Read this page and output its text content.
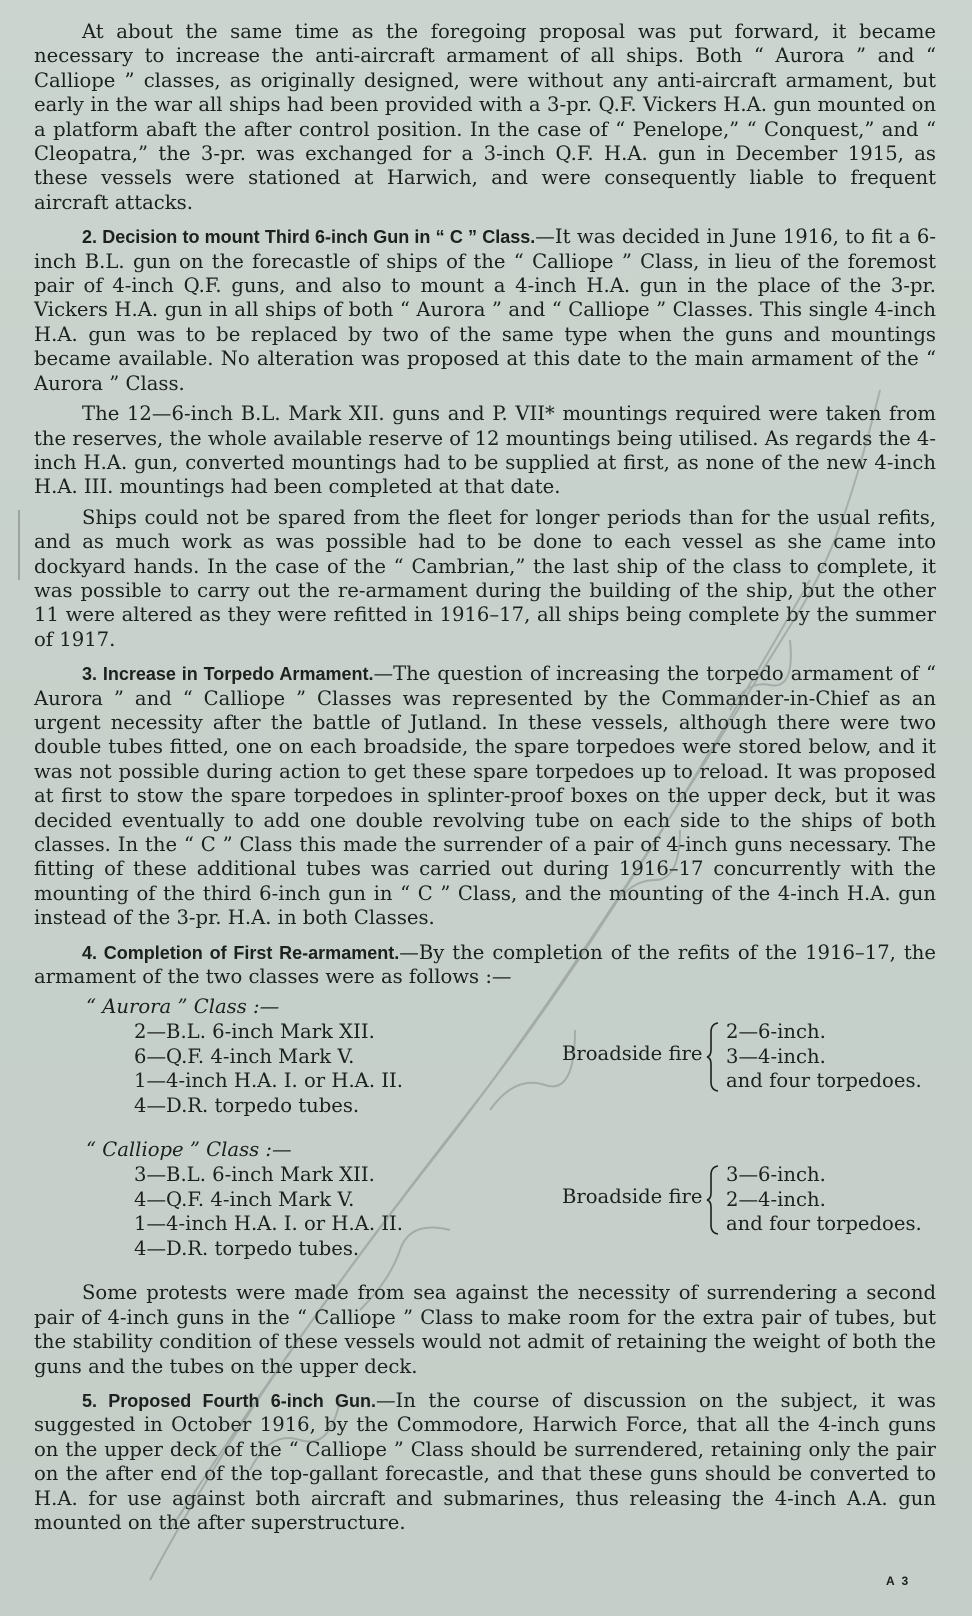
At about the same time as the foregoing proposal was put forward, it became necessary to increase the anti-aircraft armament of all ships. Both “ Aurora ” and “ Calliope ” classes, as originally designed, were without any anti-aircraft armament, but early in the war all ships had been provided with a 3-pr. Q.F. Vickers H.A. gun mounted on a platform abaft the after control position. In the case of “ Penelope,” “ Conquest,” and “ Cleopatra,” the 3-pr. was exchanged for a 3-inch Q.F. H.A. gun in December 1915, as these vessels were stationed at Harwich, and were consequently liable to frequent aircraft attacks.

2. Decision to mount Third 6-inch Gun in “ C ” Class.—It was decided in June 1916, to fit a 6-inch B.L. gun on the forecastle of ships of the “ Calliope ” Class, in lieu of the foremost pair of 4-inch Q.F. guns, and also to mount a 4-inch H.A. gun in the place of the 3-pr. Vickers H.A. gun in all ships of both “ Aurora ” and “ Calliope ” Classes. This single 4-inch H.A. gun was to be replaced by two of the same type when the guns and mountings became available. No alteration was proposed at this date to the main armament of the “ Aurora ” Class.

The 12—6-inch B.L. Mark XII. guns and P. VII* mountings required were taken from the reserves, the whole available reserve of 12 mountings being utilised. As regards the 4-inch H.A. gun, converted mountings had to be supplied at first, as none of the new 4-inch H.A. III. mountings had been completed at that date.

Ships could not be spared from the fleet for longer periods than for the usual refits, and as much work as was possible had to be done to each vessel as she came into dockyard hands. In the case of the “ Cambrian,” the last ship of the class to complete, it was possible to carry out the re-armament during the building of the ship, but the other 11 were altered as they were refitted in 1916–17, all ships being complete by the summer of 1917.

3. Increase in Torpedo Armament.—The question of increasing the torpedo armament of “ Aurora ” and “ Calliope ” Classes was represented by the Commander-in-Chief as an urgent necessity after the battle of Jutland. In these vessels, although there were two double tubes fitted, one on each broadside, the spare torpedoes were stored below, and it was not possible during action to get these spare torpedoes up to reload. It was proposed at first to stow the spare torpedoes in splinter-proof boxes on the upper deck, but it was decided eventually to add one double revolving tube on each side to the ships of both classes. In the “ C ” Class this made the surrender of a pair of 4-inch guns necessary. The fitting of these additional tubes was carried out during 1916–17 concurrently with the mounting of the third 6-inch gun in “ C ” Class, and the mounting of the 4-inch H.A. gun instead of the 3-pr. H.A. in both Classes.

4. Completion of First Re-armament.—By the completion of the refits of the 1916–17, the armament of the two classes were as follows :—

“ Aurora ” Class :—
2—B.L. 6-inch Mark XII.
6—Q.F. 4-inch Mark V.
1—4-inch H.A. I. or H.A. II.
4—D.R. torpedo tubes.
Broadside fire
2—6-inch.
3—4-inch.
and four torpedoes.
“ Calliope ” Class :—
3—B.L. 6-inch Mark XII.
4—Q.F. 4-inch Mark V.
1—4-inch H.A. I. or H.A. II.
4—D.R. torpedo tubes.
Broadside fire
3—6-inch.
2—4-inch.
and four torpedoes.

Some protests were made from sea against the necessity of surrendering a second pair of 4-inch guns in the “ Calliope ” Class to make room for the extra pair of tubes, but the stability condition of these vessels would not admit of retaining the weight of both the guns and the tubes on the upper deck.

5. Proposed Fourth 6-inch Gun.—In the course of discussion on the subject, it was suggested in October 1916, by the Commodore, Harwich Force, that all the 4-inch guns on the upper deck of the “ Calliope ” Class should be surrendered, retaining only the pair on the after end of the top-gallant forecastle, and that these guns should be converted to H.A. for use against both aircraft and submarines, thus releasing the 4-inch A.A. gun mounted on the after superstructure.

A 3
